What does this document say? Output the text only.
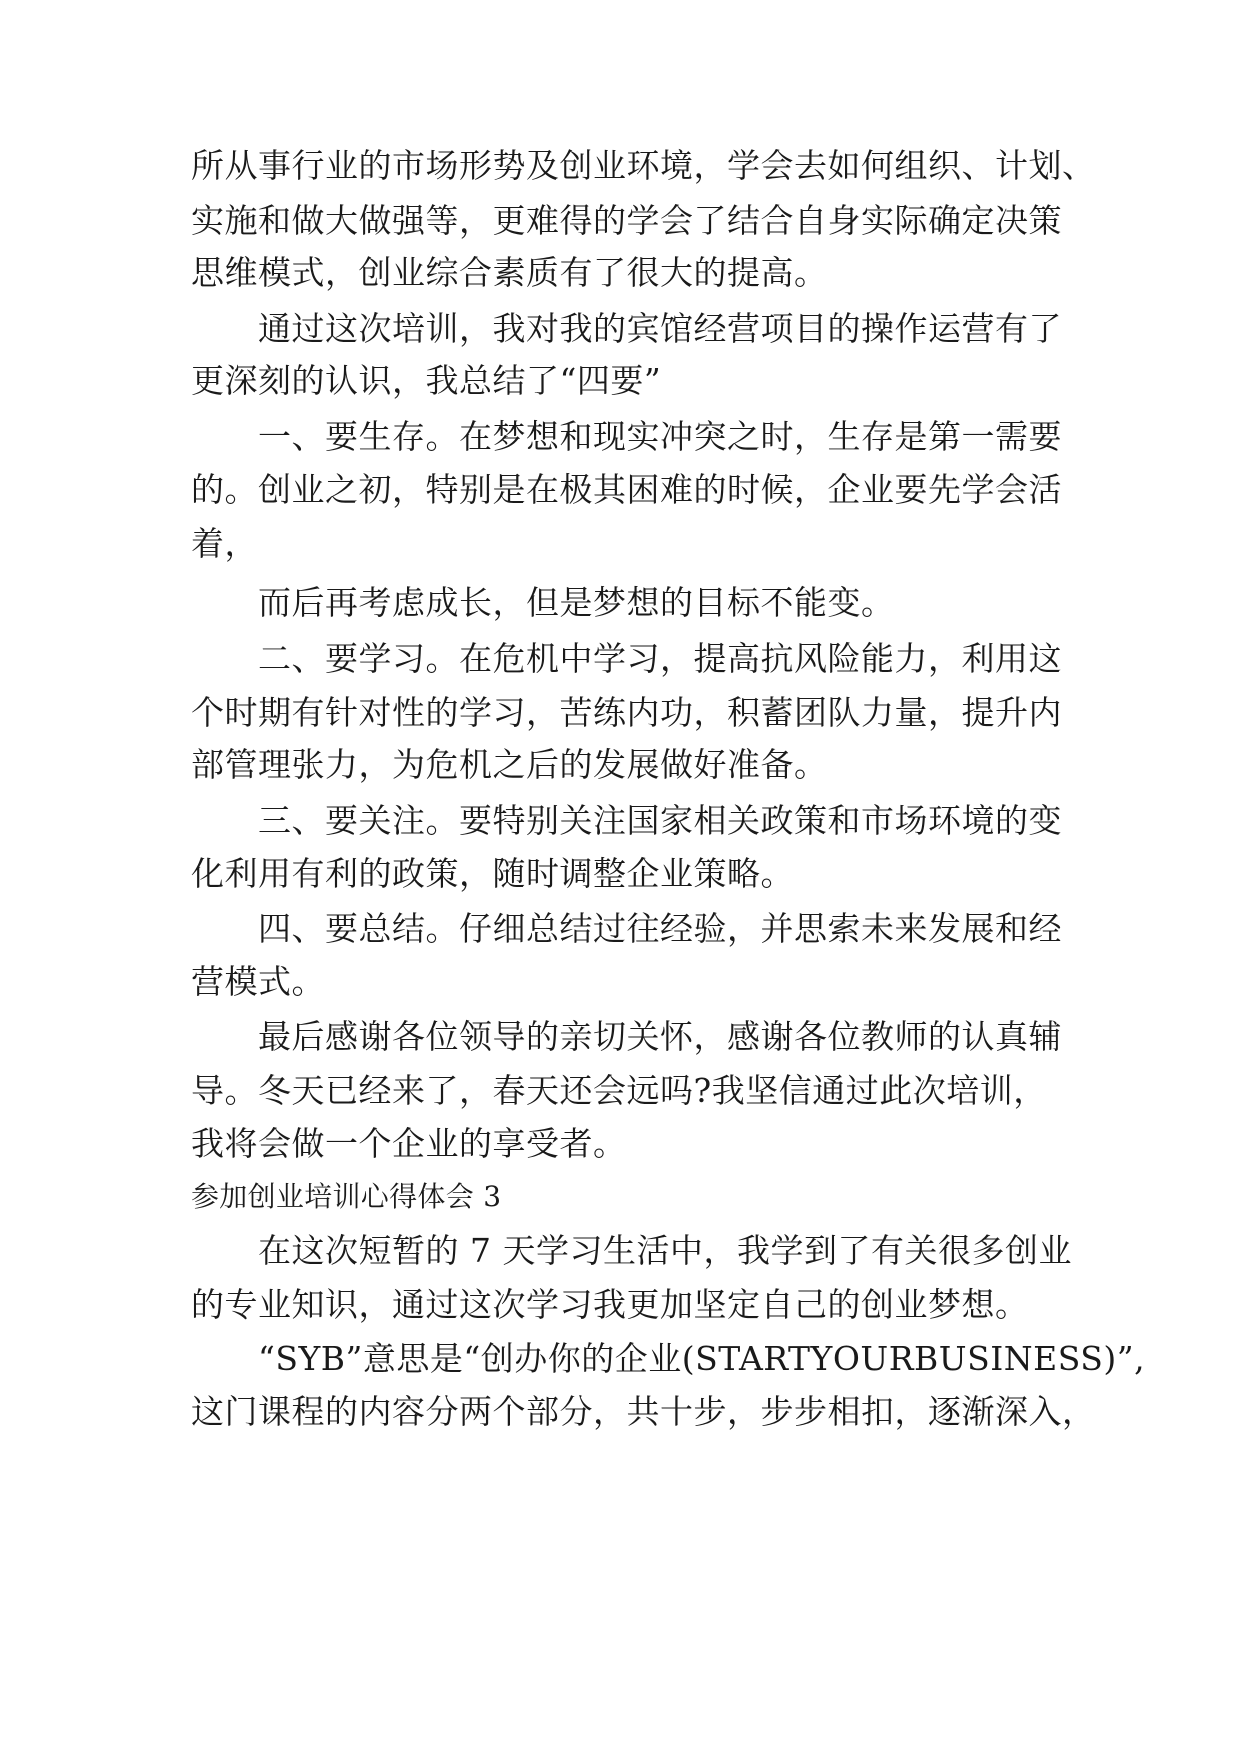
所从事行业的市场形势及创业环境，学会去如何组织、计划、
实施和做大做强等，更难得的学会了结合自身实际确定决策
思维模式，创业综合素质有了很大的提高。
通过这次培训，我对我的宾馆经营项目的操作运营有了
更深刻的认识，我总结了“四要”
一、要生存。在梦想和现实冲突之时，生存是第一需要
的。创业之初，特别是在极其困难的时候，企业要先学会活
着，
而后再考虑成长，但是梦想的目标不能变。
二、要学习。在危机中学习，提高抗风险能力，利用这
个时期有针对性的学习，苦练内功，积蓄团队力量，提升内
部管理张力，为危机之后的发展做好准备。
三、要关注。要特别关注国家相关政策和市场环境的变
化利用有利的政策，随时调整企业策略。
四、要总结。仔细总结过往经验，并思索未来发展和经
营模式。
最后感谢各位领导的亲切关怀，感谢各位教师的认真辅
导。冬天已经来了，春天还会远吗?我坚信通过此次培训，
我将会做一个企业的享受者。
参加创业培训心得体会 3
在这次短暂的 7 天学习生活中，我学到了有关很多创业
的专业知识，通过这次学习我更加坚定自己的创业梦想。
“SYB”意思是“创办你的企业(STARTYOURBUSINESS)”,
这门课程的内容分两个部分，共十步，步步相扣，逐渐深入，
